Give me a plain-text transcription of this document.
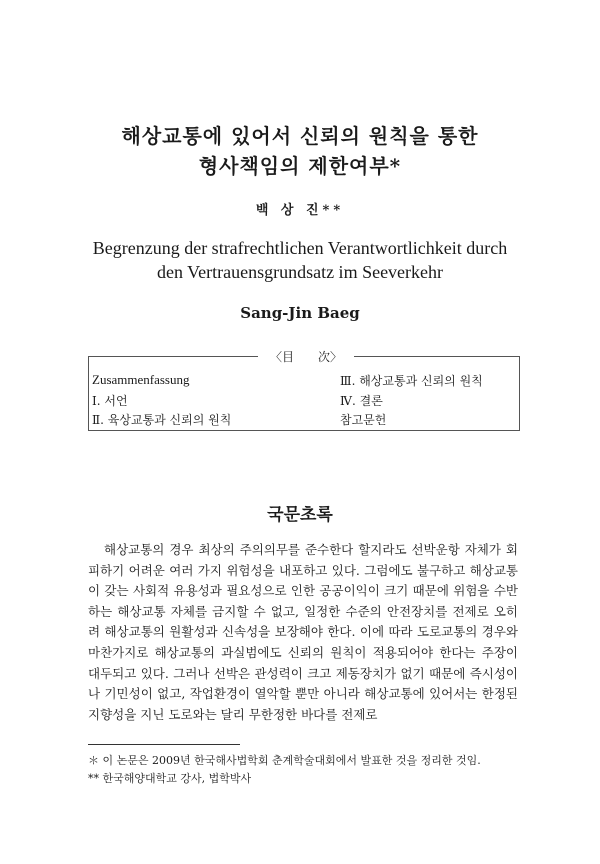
해상교통에 있어서 신뢰의 원칙을 통한
형사책임의 제한여부*
백 상 진**
Begrenzung der strafrechtlichen Verantwortlichkeit durch
den Vertrauensgrundsatz im Seeverkehr
Sang-Jin Baeg
〈目　　次〉
Zusammenfassung
Ⅰ. 서언
Ⅱ. 육상교통과 신뢰의 원칙
Ⅲ. 해상교통과 신뢰의 원칙
Ⅳ. 결론
참고문헌
국문초록
해상교통의 경우 최상의 주의의무를 준수한다 할지라도 선박운항 자체가 회피하기 어려운 여러 가지 위험성을 내포하고 있다. 그럼에도 불구하고 해상교통이 갖는 사회적 유용성과 필요성으로 인한 공공이익이 크기 때문에 위험을 수반하는 해상교통 자체를 금지할 수 없고, 일정한 수준의 안전장치를 전제로 오히려 해상교통의 원활성과 신속성을 보장해야 한다. 이에 따라 도로교통의 경우와 마찬가지로 해상교통의 과실범에도 신뢰의 원칙이 적용되어야 한다는 주장이 대두되고 있다. 그러나 선박은 관성력이 크고 제동장치가 없기 때문에 즉시성이나 기민성이 없고, 작업환경이 열악할 뿐만 아니라 해상교통에 있어서는 한정된 지향성을 지닌 도로와는 달리 무한정한 바다를 전제로
＊ 이 논문은 2009년 한국해사법학회 춘계학술대회에서 발표한 것을 정리한 것임.
** 한국해양대학교 강사, 법학박사
